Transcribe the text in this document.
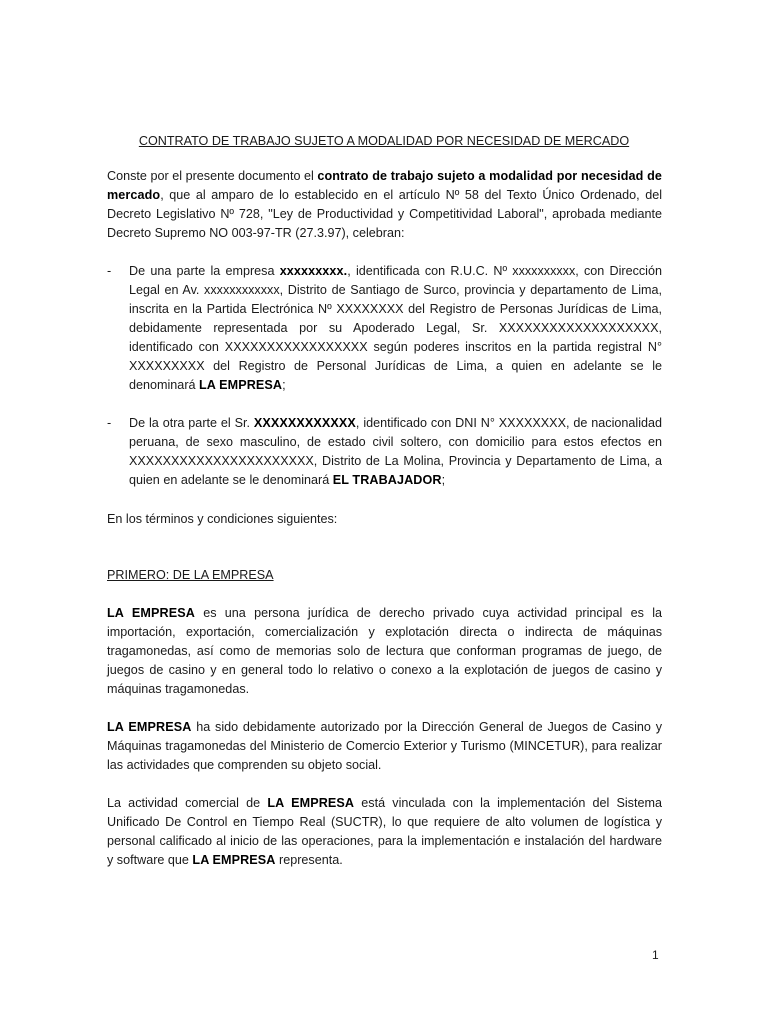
CONTRATO DE TRABAJO SUJETO A MODALIDAD POR NECESIDAD DE MERCADO

Conste por el presente documento el contrato de trabajo sujeto a modalidad por necesidad de mercado, que al amparo de lo establecido en el artículo Nº 58 del Texto Único Ordenado, del Decreto Legislativo Nº 728, "Ley de Productividad y Competitividad Laboral", aprobada mediante Decreto Supremo NO 003-97-TR (27.3.97), celebran:

- De una parte la empresa xxxxxxxxx., identificada con R.U.C. Nº xxxxxxxxxx, con Dirección Legal en Av. xxxxxxxxxxxx, Distrito de Santiago de Surco, provincia y departamento de Lima, inscrita en la Partida Electrónica Nº XXXXXXXX del Registro de Personas Jurídicas de Lima, debidamente representada por su Apoderado Legal, Sr. XXXXXXXXXXXXXXXXXXX, identificado con XXXXXXXXXXXXXXXXX según poderes inscritos en la partida registral N° XXXXXXXXX del Registro de Personal Jurídicas de Lima, a quien en adelante se le denominará LA EMPRESA;
- De la otra parte el Sr. XXXXXXXXXXXX, identificado con DNI N° XXXXXXXX, de nacionalidad peruana, de sexo masculino, de estado civil soltero, con domicilio para estos efectos en XXXXXXXXXXXXXXXXXXXXXX, Distrito de La Molina, Provincia y Departamento de Lima, a quien en adelante se le denominará EL TRABAJADOR;

En los términos y condiciones siguientes:

PRIMERO: DE LA EMPRESA

LA EMPRESA es una persona jurídica de derecho privado cuya actividad principal es la importación, exportación, comercialización y explotación directa o indirecta de máquinas tragamonedas, así como de memorias solo de lectura que conforman programas de juego, de juegos de casino y en general todo lo relativo o conexo a la explotación de juegos de casino y máquinas tragamonedas.

LA EMPRESA ha sido debidamente autorizado por la Dirección General de Juegos de Casino y Máquinas tragamonedas del Ministerio de Comercio Exterior y Turismo (MINCETUR), para realizar las actividades que comprenden su objeto social.

La actividad comercial de LA EMPRESA está vinculada con la implementación del Sistema Unificado De Control en Tiempo Real (SUCTR), lo que requiere de alto volumen de logística y personal calificado al inicio de las operaciones, para la implementación e instalación del hardware y software que LA EMPRESA representa.

1
